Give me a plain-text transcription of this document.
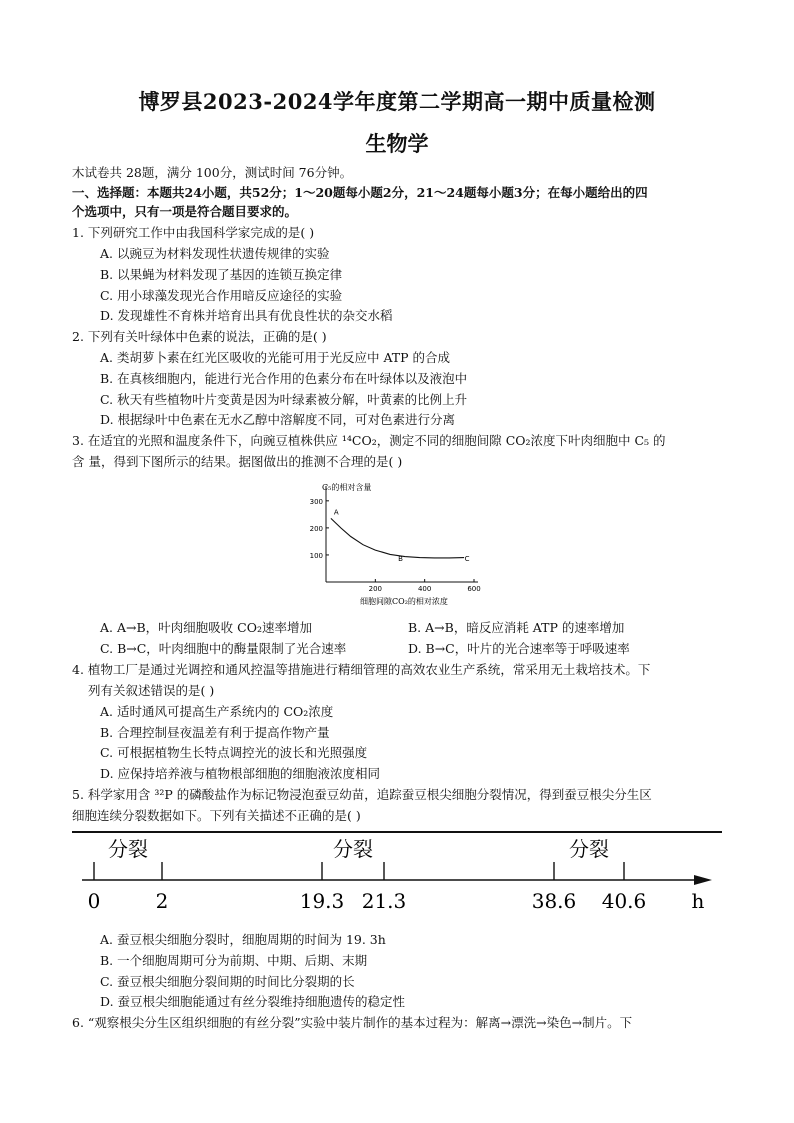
博罗县2023-2024学年度第二学期高一期中质量检测
生物学
木试卷共 28题，满分 100分，测试时间 76分钟。
一、选择题：本题共24小题，共52分；1～20题每小题2分，21～24题每小题3分；在每小题给出的四
个选项中，只有一项是符合题目要求的。
1. 下列研究工作中由我国科学家完成的是( )
A. 以豌豆为材料发现性状遗传规律的实验
B. 以果蝇为材料发现了基因的连锁互换定律
C. 用小球藻发现光合作用暗反应途径的实验
D. 发现雄性不育株并培育出具有优良性状的杂交水稻
2. 下列有关叶绿体中色素的说法，正确的是( )
A. 类胡萝卜素在红光区吸收的光能可用于光反应中 ATP 的合成
B. 在真核细胞内，能进行光合作用的色素分布在叶绿体以及液泡中
C. 秋天有些植物叶片变黄是因为叶绿素被分解，叶黄素的比例上升
D. 根据绿叶中色素在无水乙醇中溶解度不同，可对色素进行分离
3. 在适宜的光照和温度条件下，向豌豆植株供应 ¹⁴CO₂，测定不同的细胞间隙 CO₂浓度下叶肉细胞中 C₅ 的
含 量，得到下图所示的结果。据图做出的推测不合理的是( )
C₅的相对含量
100
200
300
200	400	600
细胞间隙CO₂的相对浓度
A
B	C
A. A→B，叶肉细胞吸收 CO₂速率增加	B. A→B，暗反应消耗 ATP 的速率增加
C. B→C，叶肉细胞中的酶量限制了光合速率	D. B→C，叶片的光合速率等于呼吸速率
4. 植物工厂是通过光调控和通风控温等措施进行精细管理的高效农业生产系统，常采用无土栽培技术。下
列有关叙述错误的是( )
A. 适时通风可提高生产系统内的 CO₂浓度
B. 合理控制昼夜温差有利于提高作物产量
C. 可根据植物生长特点调控光的波长和光照强度
D. 应保持培养液与植物根部细胞的细胞液浓度相同
5. 科学家用含 ³²P 的磷酸盐作为标记物浸泡蚕豆幼苗，追踪蚕豆根尖细胞分裂情况，得到蚕豆根尖分生区
细胞连续分裂数据如下。下列有关描述不正确的是( )
0	2	19.3 21.3	38.6 40.6
分裂	分裂	分裂
h
A. 蚕豆根尖细胞分裂时，细胞周期的时间为 19. 3h
B. 一个细胞周期可分为前期、中期、后期、末期
C. 蚕豆根尖细胞分裂间期的时间比分裂期的长
D. 蚕豆根尖细胞能通过有丝分裂维持细胞遗传的稳定性
6. “观察根尖分生区组织细胞的有丝分裂”实验中装片制作的基本过程为：解离→漂洗→染色→制片。下
